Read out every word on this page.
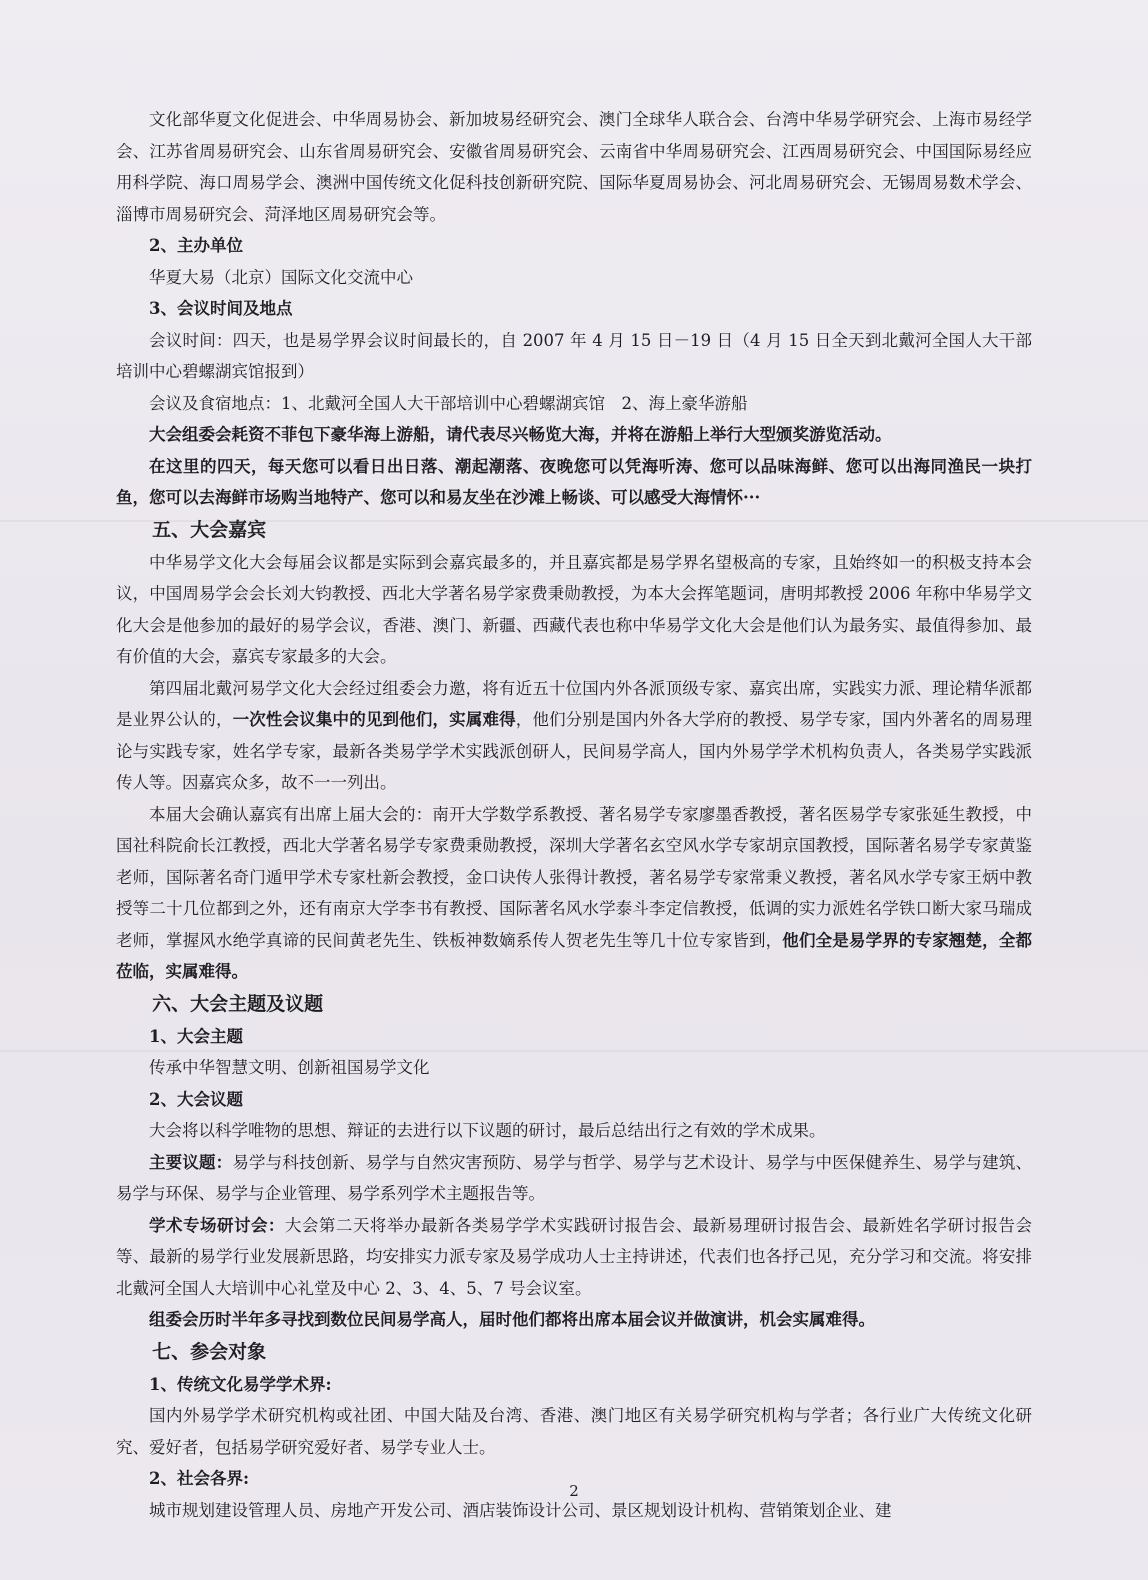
文化部华夏文化促进会、中华周易协会、新加坡易经研究会、澳门全球华人联合会、台湾中华易学研究会、上海市易经学会、江苏省周易研究会、山东省周易研究会、安徽省周易研究会、云南省中华周易研究会、江西周易研究会、中国国际易经应用科学院、海口周易学会、澳洲中国传统文化促科技创新研究院、国际华夏周易协会、河北周易研究会、无锡周易数术学会、淄博市周易研究会、菏泽地区周易研究会等。

2、主办单位

华夏大易（北京）国际文化交流中心

3、会议时间及地点

会议时间：四天，也是易学界会议时间最长的，自 2007 年 4 月 15 日－19 日（4 月 15 日全天到北戴河全国人大干部培训中心碧螺湖宾馆报到）

会议及食宿地点：1、北戴河全国人大干部培训中心碧螺湖宾馆　2、海上豪华游船

大会组委会耗资不菲包下豪华海上游船，请代表尽兴畅览大海，并将在游船上举行大型颁奖游览活动。

在这里的四天，每天您可以看日出日落、潮起潮落、夜晚您可以凭海听涛、您可以品味海鲜、您可以出海同渔民一块打鱼，您可以去海鲜市场购当地特产、您可以和易友坐在沙滩上畅谈、可以感受大海情怀···

五、大会嘉宾

中华易学文化大会每届会议都是实际到会嘉宾最多的，并且嘉宾都是易学界名望极高的专家，且始终如一的积极支持本会议，中国周易学会会长刘大钧教授、西北大学著名易学家费秉勋教授，为本大会挥笔题词，唐明邦教授 2006 年称中华易学文化大会是他参加的最好的易学会议，香港、澳门、新疆、西藏代表也称中华易学文化大会是他们认为最务实、最值得参加、最有价值的大会，嘉宾专家最多的大会。

第四届北戴河易学文化大会经过组委会力邀，将有近五十位国内外各派顶级专家、嘉宾出席，实践实力派、理论精华派都是业界公认的，一次性会议集中的见到他们，实属难得，他们分别是国内外各大学府的教授、易学专家，国内外著名的周易理论与实践专家，姓名学专家，最新各类易学学术实践派创研人，民间易学高人，国内外易学学术机构负责人，各类易学实践派传人等。因嘉宾众多，故不一一列出。

本届大会确认嘉宾有出席上届大会的：南开大学数学系教授、著名易学专家廖墨香教授，著名医易学专家张延生教授，中国社科院俞长江教授，西北大学著名易学专家费秉勋教授，深圳大学著名玄空风水学专家胡京国教授，国际著名易学专家黄鉴老师，国际著名奇门遁甲学术专家杜新会教授，金口诀传人张得计教授，著名易学专家常秉义教授，著名风水学专家王炳中教授等二十几位都到之外，还有南京大学李书有教授、国际著名风水学泰斗李定信教授，低调的实力派姓名学铁口断大家马瑞成老师，掌握风水绝学真谛的民间黄老先生、铁板神数嫡系传人贺老先生等几十位专家皆到，他们全是易学界的专家翘楚，全都莅临，实属难得。

六、大会主题及议题

1、大会主题

传承中华智慧文明、创新祖国易学文化

2、大会议题

大会将以科学唯物的思想、辩证的去进行以下议题的研讨，最后总结出行之有效的学术成果。

主要议题：易学与科技创新、易学与自然灾害预防、易学与哲学、易学与艺术设计、易学与中医保健养生、易学与建筑、易学与环保、易学与企业管理、易学系列学术主题报告等。

学术专场研讨会：大会第二天将举办最新各类易学学术实践研讨报告会、最新易理研讨报告会、最新姓名学研讨报告会等、最新的易学行业发展新思路，均安排实力派专家及易学成功人士主持讲述，代表们也各抒己见，充分学习和交流。将安排北戴河全国人大培训中心礼堂及中心 2、3、4、5、7 号会议室。

组委会历时半年多寻找到数位民间易学高人，届时他们都将出席本届会议并做演讲，机会实属难得。

七、参会对象

1、传统文化易学学术界:

国内外易学学术研究机构或社团、中国大陆及台湾、香港、澳门地区有关易学研究机构与学者；各行业广大传统文化研究、爱好者，包括易学研究爱好者、易学专业人士。

2、社会各界:

城市规划建设管理人员、房地产开发公司、酒店装饰设计公司、景区规划设计机构、营销策划企业、建

2
